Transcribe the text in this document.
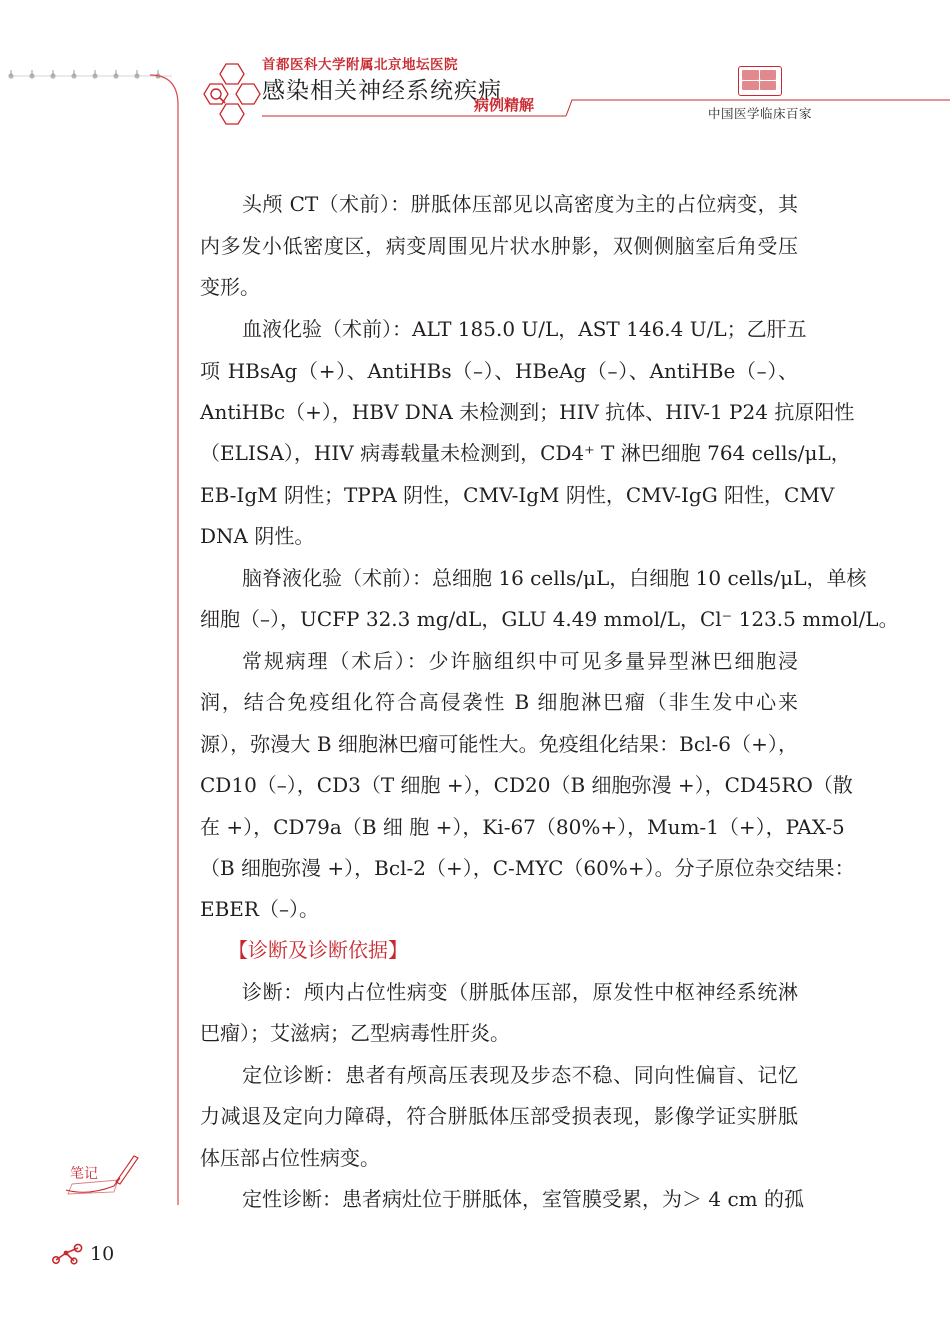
首都医科大学附属北京地坛医院
感染相关神经系统疾病
病例精解	中国医学临床百家
头颅 CT（术前）：胼胝体压部见以高密度为主的占位病变，其
内多发小低密度区，病变周围见片状水肿影，双侧侧脑室后角受压
变形。
血液化验（术前）：ALT 185.0 U/L，AST 146.4 U/L；乙肝五
项 HBsAg（+）、AntiHBs（–）、HBeAg（–）、AntiHBe（–）、
AntiHBc（+），HBV DNA 未检测到；HIV 抗体、HIV-1 P24 抗原阳性
（ELISA），HIV 病毒载量未检测到，CD4⁺ T 淋巴细胞 764 cells/μL，
EB-IgM 阴性；TPPA 阴性，CMV-IgM 阴性，CMV-IgG 阳性，CMV
DNA 阴性。
脑脊液化验（术前）：总细胞 16 cells/μL，白细胞 10 cells/μL，单核
细胞（–），UCFP 32.3 mg/dL，GLU 4.49 mmol/L，Cl⁻ 123.5 mmol/L。
常规病理（术后）：少许脑组织中可见多量异型淋巴细胞浸
润，结合免疫组化符合高侵袭性 B 细胞淋巴瘤（非生发中心来
源），弥漫大 B 细胞淋巴瘤可能性大。免疫组化结果：Bcl-6（+），
CD10（–），CD3（T 细胞 +），CD20（B 细胞弥漫 +），CD45RO（散
在 +），CD79a（B 细 胞 +），Ki-67（80%+），Mum-1（+），PAX-5
（B 细胞弥漫 +），Bcl-2（+），C-MYC（60%+）。分子原位杂交结果：
EBER（–）。
【诊断及诊断依据】
诊断：颅内占位性病变（胼胝体压部，原发性中枢神经系统淋
巴瘤）；艾滋病；乙型病毒性肝炎。
定位诊断：患者有颅高压表现及步态不稳、同向性偏盲、记忆
力减退及定向力障碍，符合胼胝体压部受损表现，影像学证实胼胝
体压部占位性病变。
定性诊断：患者病灶位于胼胝体，室管膜受累，为＞ 4 cm 的孤
笔记
10
